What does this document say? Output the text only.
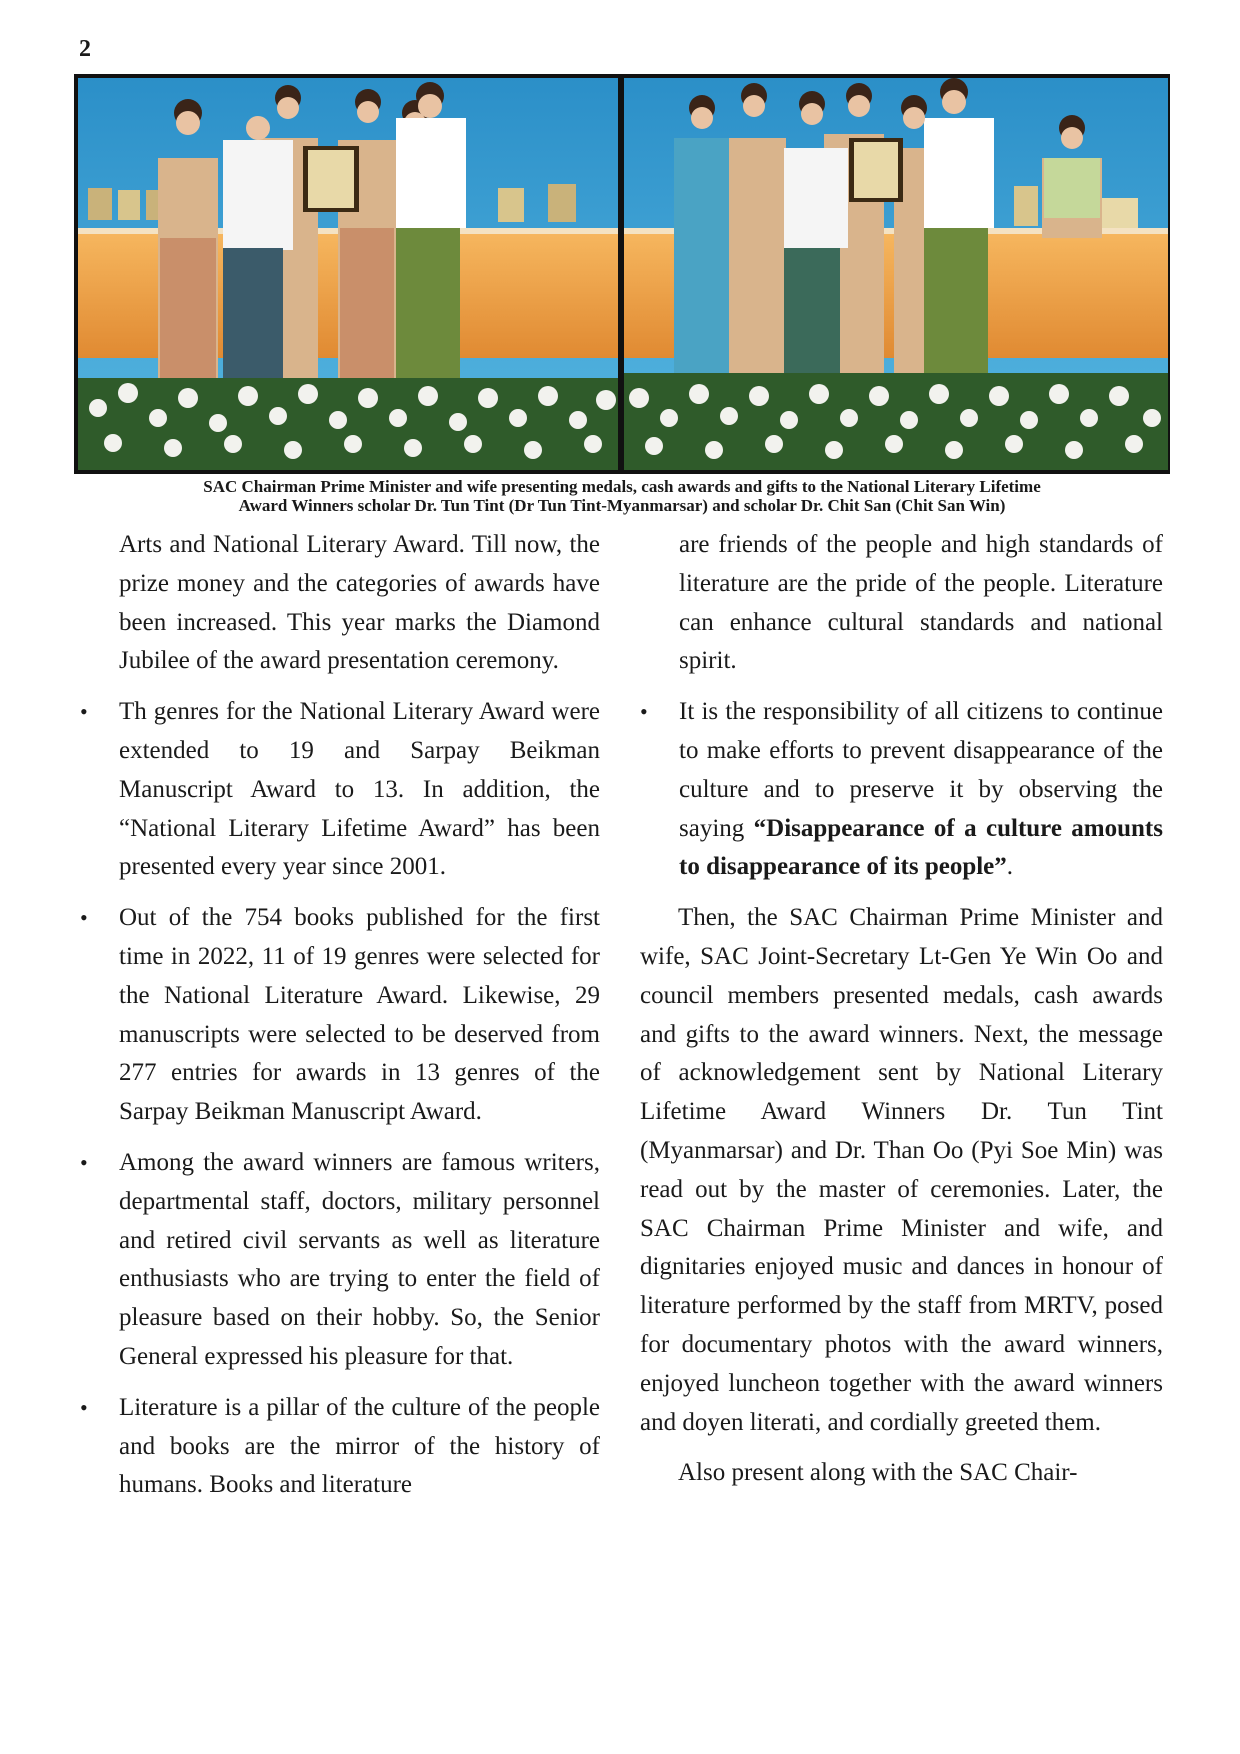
2
SAC Chairman Prime Minister and wife presenting medals, cash awards and gifts to the National Literary Lifetime
Award Winners scholar Dr. Tun Tint (Dr Tun Tint-Myanmarsar) and scholar Dr. Chit San (Chit San Win)

Arts and National Literary Award. Till now, the prize money and the categories of awards have been increased. This year marks the Diamond Jubilee of the award presentation ceremony.

• Th genres for the National Literary Award were extended to 19 and Sarpay Beikman Manuscript Award to 13. In addition, the “National Literary Lifetime Award” has been presented every year since 2001.

• Out of the 754 books published for the first time in 2022, 11 of 19 genres were selected for the National Literature Award. Likewise, 29 manuscripts were selected to be deserved from 277 entries for awards in 13 genres of the Sarpay Beikman Manuscript Award.

• Among the award winners are famous writers, departmental staff, doctors, military personnel and retired civil servants as well as literature enthusiasts who are trying to enter the field of pleasure based on their hobby. So, the Senior General expressed his pleasure for that.

• Literature is a pillar of the culture of the people and books are the mirror of the history of humans. Books and literature

are friends of the people and high standards of literature are the pride of the people. Literature can enhance cultural standards and national spirit.

• It is the responsibility of all citizens to continue to make efforts to prevent disappearance of the culture and to preserve it by observing the saying “Disappearance of a culture amounts to disappearance of its people”.

Then, the SAC Chairman Prime Minister and wife, SAC Joint-Secretary Lt-Gen Ye Win Oo and council members presented medals, cash awards and gifts to the award winners. Next, the message of acknowledgement sent by National Literary Lifetime Award Winners Dr. Tun Tint (Myanmarsar) and Dr. Than Oo (Pyi Soe Min) was read out by the master of ceremonies. Later, the SAC Chairman Prime Minister and wife, and dignitaries enjoyed music and dances in honour of literature performed by the staff from MRTV, posed for documentary photos with the award winners, enjoyed luncheon together with the award winners and doyen literati, and cordially greeted them.

Also present along with the SAC Chair-
